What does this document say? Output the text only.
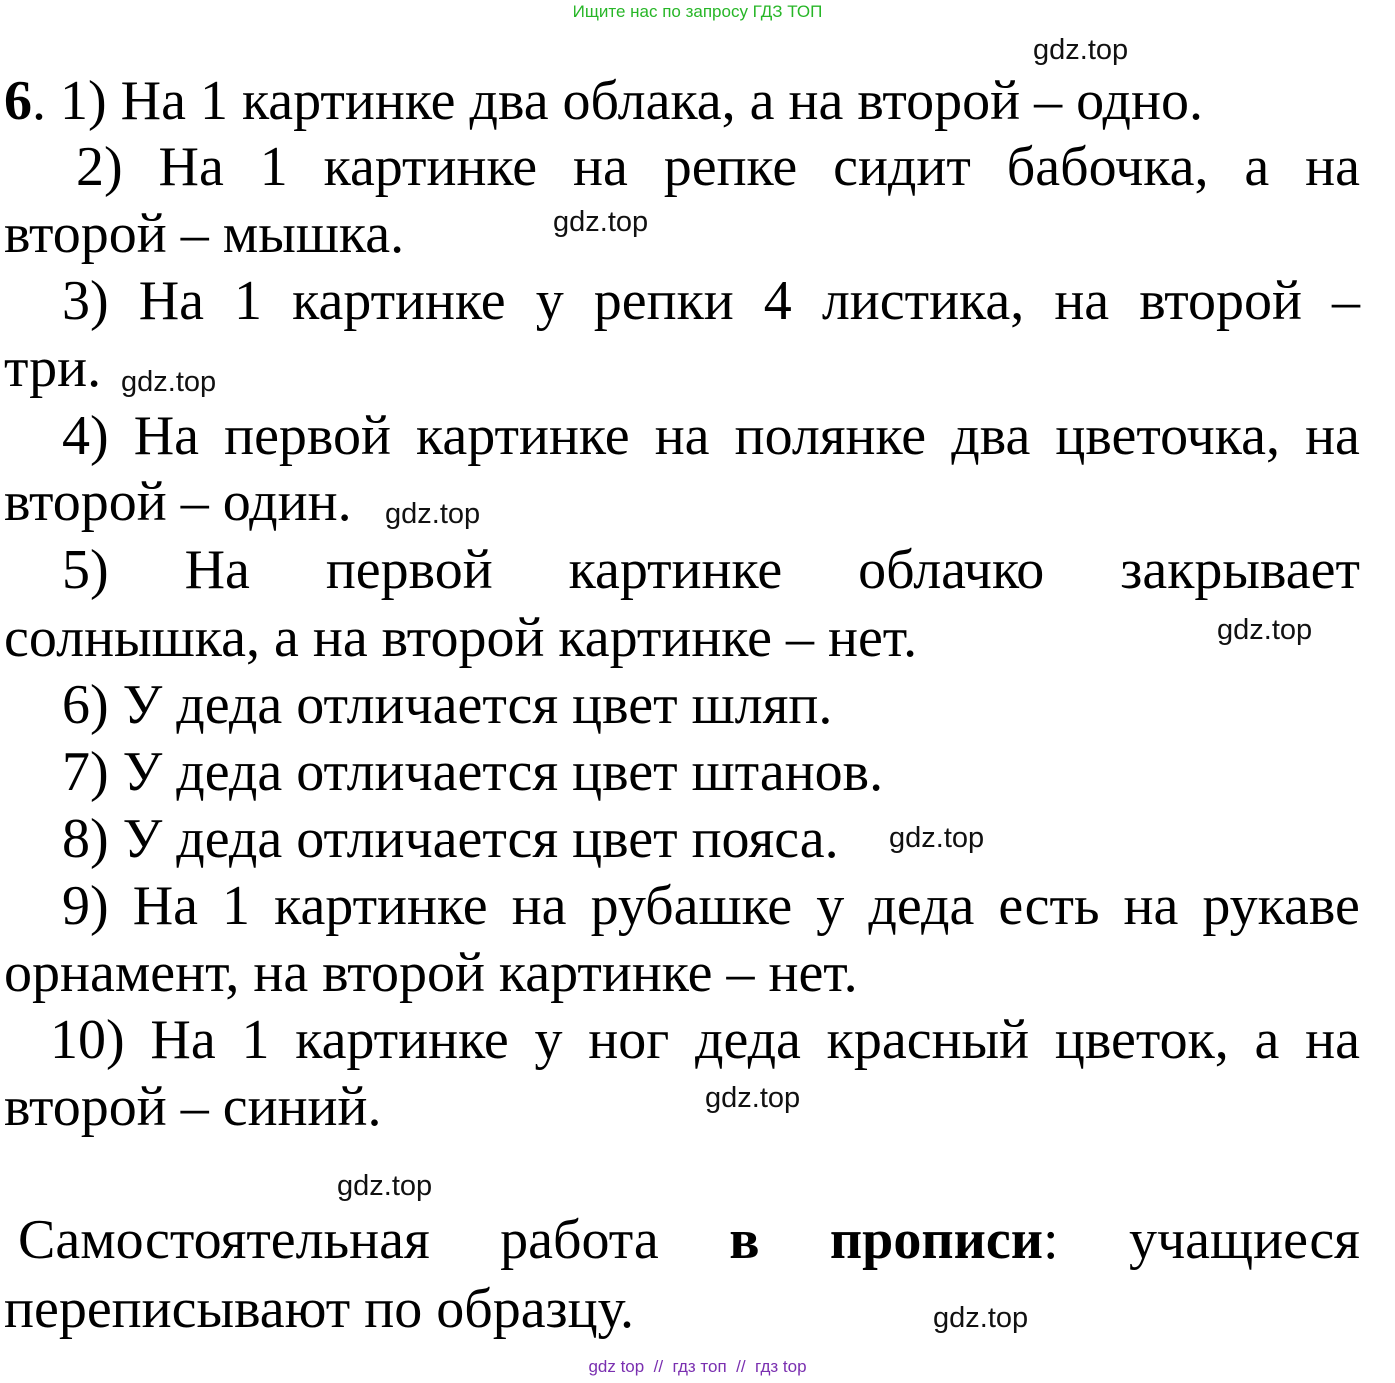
Ищите нас по запросу ГДЗ ТОП
gdz.top
gdz.top
gdz.top
gdz.top
gdz.top
gdz.top
gdz.top
gdz.top
gdz.top
6. 1) На 1 картинке два облака, а на второй – одно.
2) На 1 картинке на репке сидит бабочка, а на
второй – мышка.
3) На 1 картинке у репки 4 листика, на второй –
три.
4) На первой картинке на полянке два цветочка, на
второй – один.
5) На первой картинке облачко закрывает
солнышка, а на второй картинке – нет.
6) У деда отличается цвет шляп.
7) У деда отличается цвет штанов.
8) У деда отличается цвет пояса.
9) На 1 картинке на рубашке у деда есть на рукаве
орнамент, на второй картинке – нет.
10) На 1 картинке у ног деда красный цветок, а на
второй – синий.
Самостоятельная работа в прописи: учащиеся
переписывают по образцу.
gdz top  //  гдз топ  //  гдз top
